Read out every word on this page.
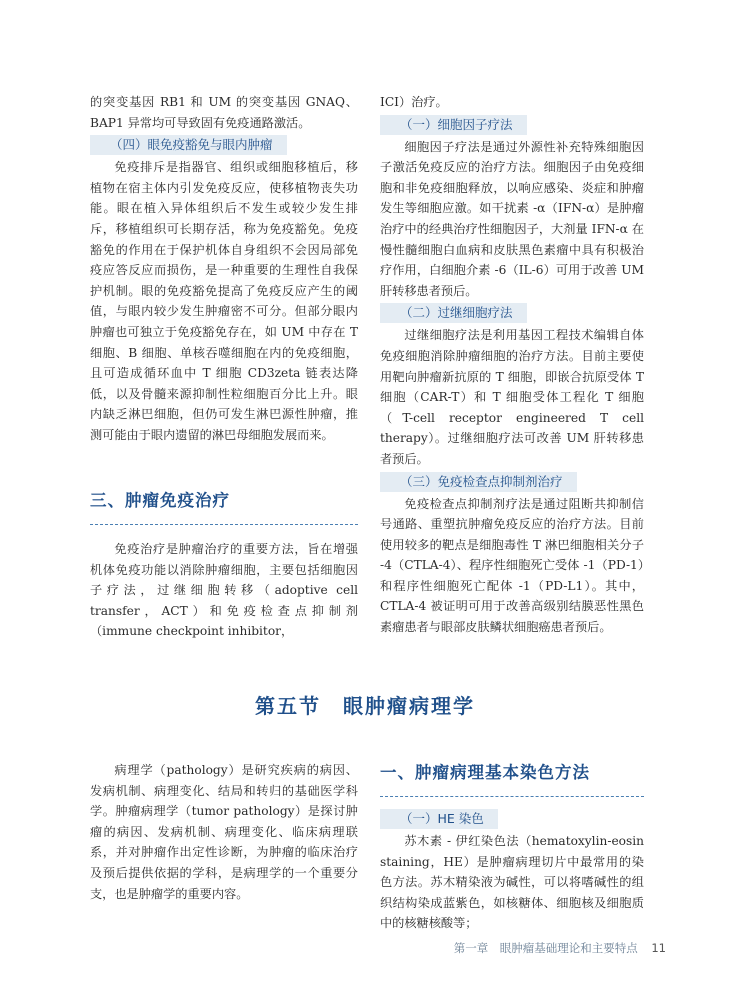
的突变基因 RB1 和 UM 的突变基因 GNAQ、BAP1 异常均可导致固有免疫通路激活。

（四）眼免疫豁免与眼内肿瘤

免疫排斥是指器官、组织或细胞移植后，移植物在宿主体内引发免疫反应，使移植物丧失功能。眼在植入异体组织后不发生或较少发生排斥，移植组织可长期存活，称为免疫豁免。免疫豁免的作用在于保护机体自身组织不会因局部免疫应答反应而损伤，是一种重要的生理性自我保护机制。眼的免疫豁免提高了免疫反应产生的阈值，与眼内较少发生肿瘤密不可分。但部分眼内肿瘤也可独立于免疫豁免存在，如 UM 中存在 T 细胞、B 细胞、单核吞噬细胞在内的免疫细胞，且可造成循环血中 T 细胞 CD3zeta 链表达降低，以及骨髓来源抑制性粒细胞百分比上升。眼内缺乏淋巴细胞，但仍可发生淋巴源性肿瘤，推测可能由于眼内遗留的淋巴母细胞发展而来。

三、肿瘤免疫治疗

免疫治疗是肿瘤治疗的重要方法，旨在增强机体免疫功能以消除肿瘤细胞，主要包括细胞因子疗法，过继细胞转移（adoptive cell transfer，ACT）和免疫检查点抑制剂（immune checkpoint inhibitor，

ICI）治疗。

（一）细胞因子疗法

细胞因子疗法是通过外源性补充特殊细胞因子激活免疫反应的治疗方法。细胞因子由免疫细胞和非免疫细胞释放，以响应感染、炎症和肿瘤发生等细胞应激。如干扰素 -α（IFN-α）是肿瘤治疗中的经典治疗性细胞因子，大剂量 IFN-α 在慢性髓细胞白血病和皮肤黑色素瘤中具有积极治疗作用，白细胞介素 -6（IL-6）可用于改善 UM 肝转移患者预后。

（二）过继细胞疗法

过继细胞疗法是利用基因工程技术编辑自体免疫细胞消除肿瘤细胞的治疗方法。目前主要使用靶向肿瘤新抗原的 T 细胞，即嵌合抗原受体 T 细胞（CAR-T）和 T 细胞受体工程化 T 细胞（T-cell receptor engineered T cell therapy）。过继细胞疗法可改善 UM 肝转移患者预后。

（三）免疫检查点抑制剂治疗

免疫检查点抑制剂疗法是通过阻断共抑制信号通路、重塑抗肿瘤免疫反应的治疗方法。目前使用较多的靶点是细胞毒性 T 淋巴细胞相关分子 -4（CTLA-4）、程序性细胞死亡受体 -1（PD-1）和程序性细胞死亡配体 -1（PD-L1）。其中，CTLA-4 被证明可用于改善高级别结膜恶性黑色素瘤患者与眼部皮肤鳞状细胞癌患者预后。

第五节　眼肿瘤病理学

病理学（pathology）是研究疾病的病因、发病机制、病理变化、结局和转归的基础医学科学。肿瘤病理学（tumor pathology）是探讨肿瘤的病因、发病机制、病理变化、临床病理联系，并对肿瘤作出定性诊断，为肿瘤的临床治疗及预后提供依据的学科，是病理学的一个重要分支，也是肿瘤学的重要内容。

一、肿瘤病理基本染色方法
（一）HE 染色

苏木素 - 伊红染色法（hematoxylin-eosin staining，HE）是肿瘤病理切片中最常用的染色方法。苏木精染液为碱性，可以将嗜碱性的组织结构染成蓝紫色，如核糖体、细胞核及细胞质中的核糖核酸等；

第一章　眼肿瘤基础理论和主要特点 11
